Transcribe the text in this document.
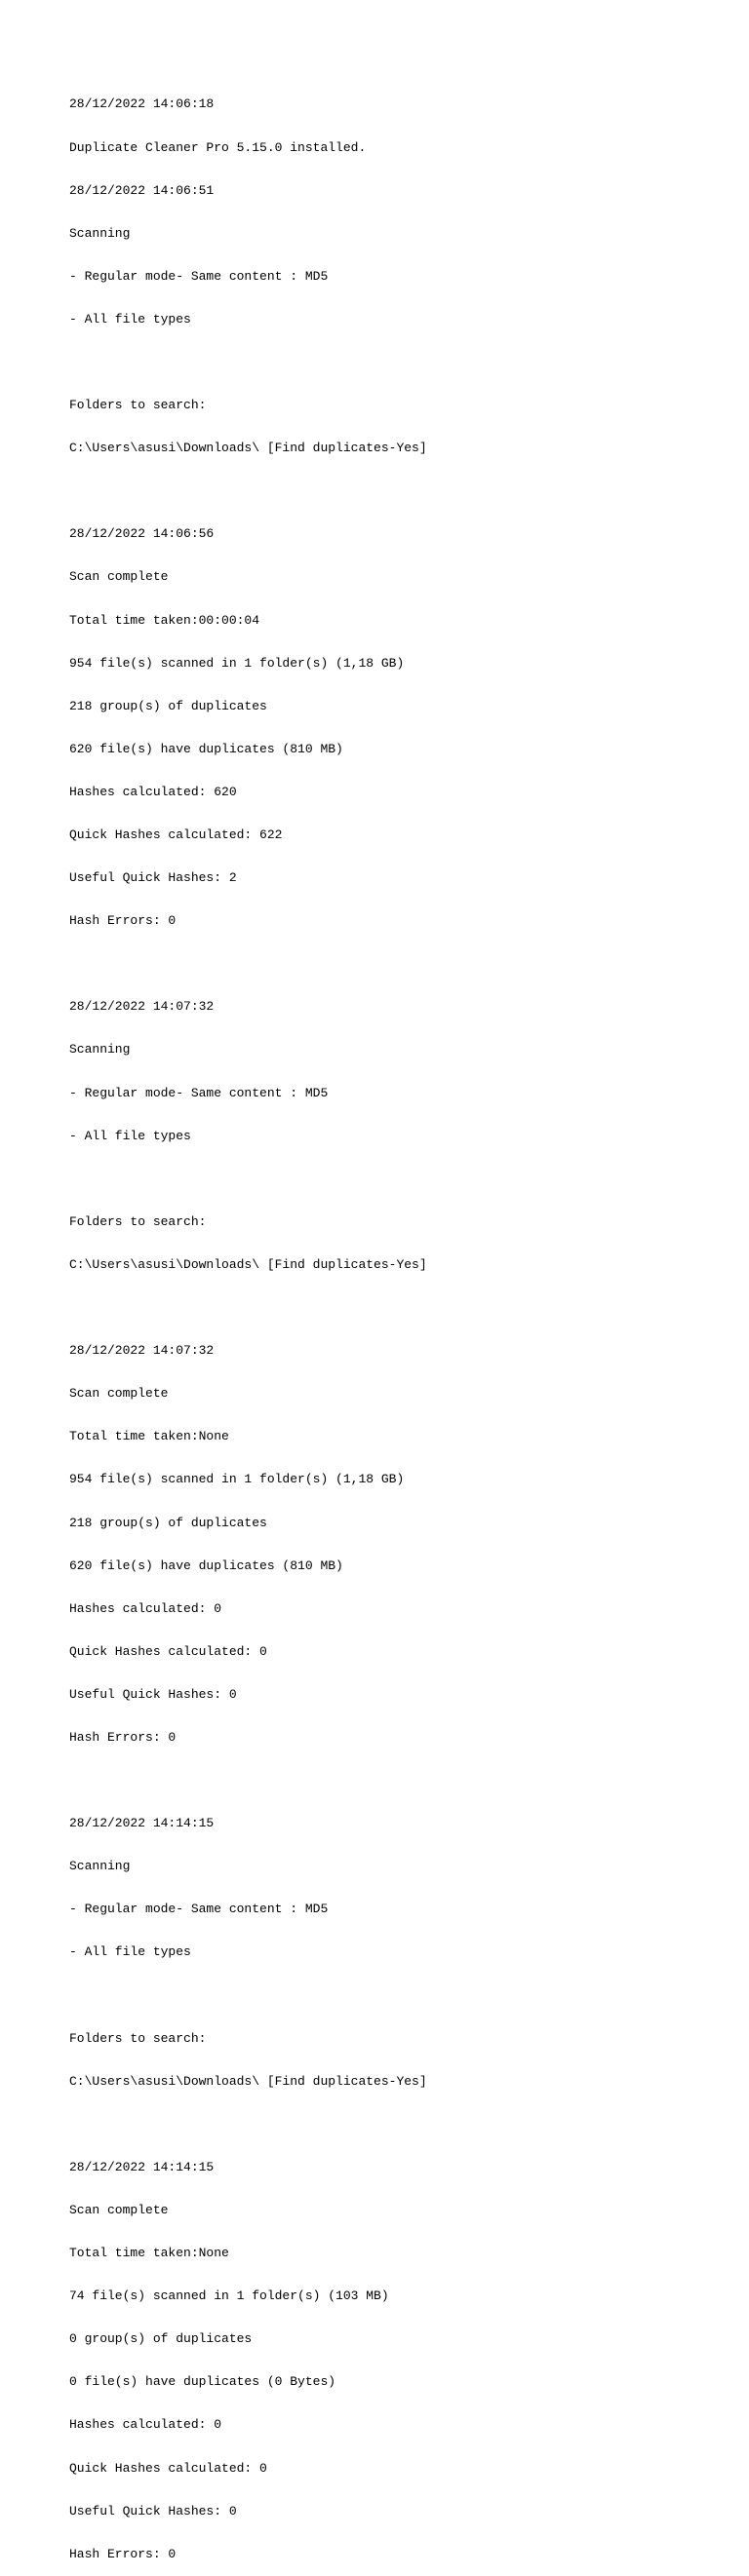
28/12/2022 14:06:18

Duplicate Cleaner Pro 5.15.0 installed.

28/12/2022 14:06:51

Scanning

- Regular mode- Same content : MD5

- All file types

Folders to search:

C:\Users\asusi\Downloads\ [Find duplicates-Yes]

28/12/2022 14:06:56

Scan complete

Total time taken:00:00:04

954 file(s) scanned in 1 folder(s) (1,18 GB)

218 group(s) of duplicates

620 file(s) have duplicates (810 MB)

Hashes calculated: 620

Quick Hashes calculated: 622

Useful Quick Hashes: 2

Hash Errors: 0

28/12/2022 14:07:32

Scanning

- Regular mode- Same content : MD5

- All file types

Folders to search:

C:\Users\asusi\Downloads\ [Find duplicates-Yes]

28/12/2022 14:07:32

Scan complete

Total time taken:None

954 file(s) scanned in 1 folder(s) (1,18 GB)

218 group(s) of duplicates

620 file(s) have duplicates (810 MB)

Hashes calculated: 0

Quick Hashes calculated: 0

Useful Quick Hashes: 0

Hash Errors: 0

28/12/2022 14:14:15

Scanning

- Regular mode- Same content : MD5

- All file types

Folders to search:

C:\Users\asusi\Downloads\ [Find duplicates-Yes]

28/12/2022 14:14:15

Scan complete

Total time taken:None

74 file(s) scanned in 1 folder(s) (103 MB)

0 group(s) of duplicates

0 file(s) have duplicates (0 Bytes)

Hashes calculated: 0

Quick Hashes calculated: 0

Useful Quick Hashes: 0

Hash Errors: 0
